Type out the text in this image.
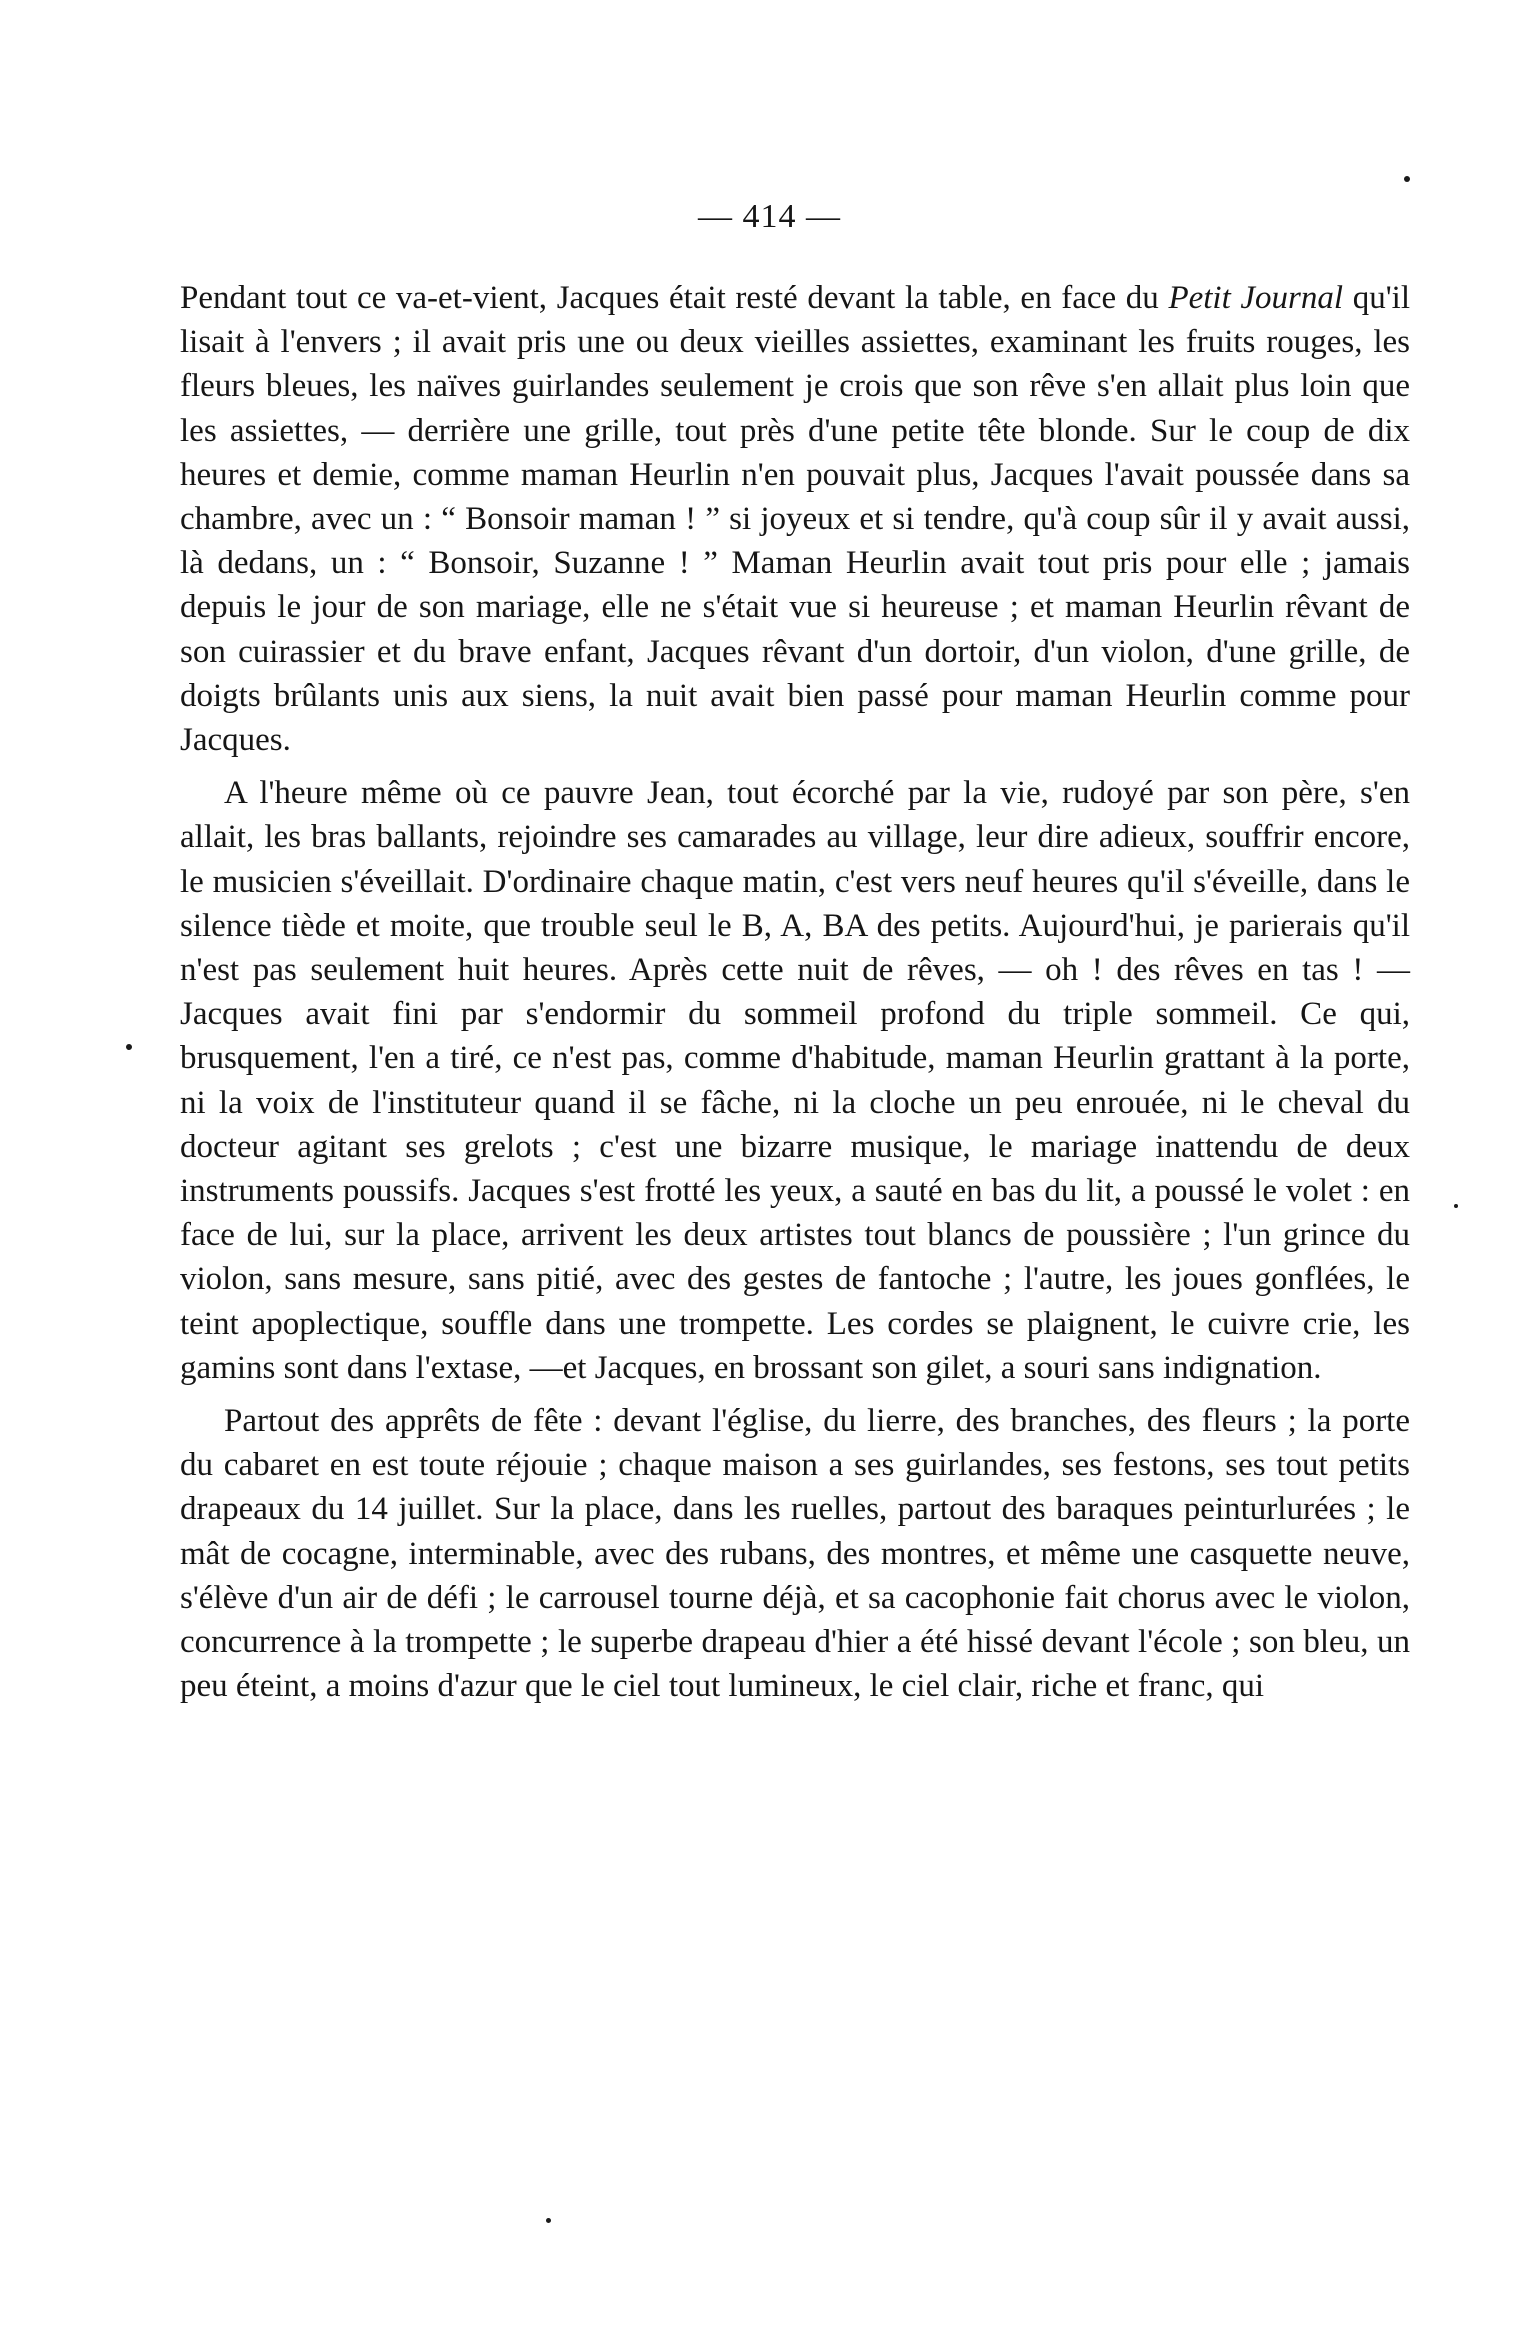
— 414 —

Pendant tout ce va-et-vient, Jacques était resté devant la table, en face du Petit Journal qu'il lisait à l'envers ; il avait pris une ou deux vieilles assiettes, examinant les fruits rouges, les fleurs bleues, les naïves guirlandes seulement je crois que son rêve s'en allait plus loin que les assiettes, — derrière une grille, tout près d'une petite tête blonde. Sur le coup de dix heures et demie, comme maman Heurlin n'en pouvait plus, Jacques l'avait poussée dans sa chambre, avec un : “ Bonsoir maman ! ” si joyeux et si tendre, qu'à coup sûr il y avait aussi, là dedans, un : “ Bonsoir, Suzanne ! ” Maman Heurlin avait tout pris pour elle ; jamais depuis le jour de son mariage, elle ne s'était vue si heureuse ; et maman Heurlin rêvant de son cuirassier et du brave enfant, Jacques rêvant d'un dortoir, d'un violon, d'une grille, de doigts brûlants unis aux siens, la nuit avait bien passé pour maman Heurlin comme pour Jacques.

A l'heure même où ce pauvre Jean, tout écorché par la vie, rudoyé par son père, s'en allait, les bras ballants, rejoindre ses camarades au village, leur dire adieux, souffrir encore, le musicien s'éveillait. D'ordinaire chaque matin, c'est vers neuf heures qu'il s'éveille, dans le silence tiède et moite, que trouble seul le B, A, BA des petits. Aujourd'hui, je parierais qu'il n'est pas seulement huit heures. Après cette nuit de rêves, — oh ! des rêves en tas ! — Jacques avait fini par s'endormir du sommeil profond du triple sommeil. Ce qui, brusquement, l'en a tiré, ce n'est pas, comme d'habitude, maman Heurlin grattant à la porte, ni la voix de l'instituteur quand il se fâche, ni la cloche un peu enrouée, ni le cheval du docteur agitant ses grelots ; c'est une bizarre musique, le mariage inattendu de deux instruments poussifs. Jacques s'est frotté les yeux, a sauté en bas du lit, a poussé le volet : en face de lui, sur la place, arrivent les deux artistes tout blancs de poussière ; l'un grince du violon, sans mesure, sans pitié, avec des gestes de fantoche ; l'autre, les joues gonflées, le teint apoplectique, souffle dans une trompette. Les cordes se plaignent, le cuivre crie, les gamins sont dans l'extase, —et Jacques, en brossant son gilet, a souri sans indignation.

Partout des apprêts de fête : devant l'église, du lierre, des branches, des fleurs ; la porte du cabaret en est toute réjouie ; chaque maison a ses guirlandes, ses festons, ses tout petits drapeaux du 14 juillet. Sur la place, dans les ruelles, partout des baraques peinturlurées ; le mât de cocagne, interminable, avec des rubans, des montres, et même une casquette neuve, s'élève d'un air de défi ; le carrousel tourne déjà, et sa cacophonie fait chorus avec le violon, concurrence à la trompette ; le superbe drapeau d'hier a été hissé devant l'école ; son bleu, un peu éteint, a moins d'azur que le ciel tout lumineux, le ciel clair, riche et franc, qui
